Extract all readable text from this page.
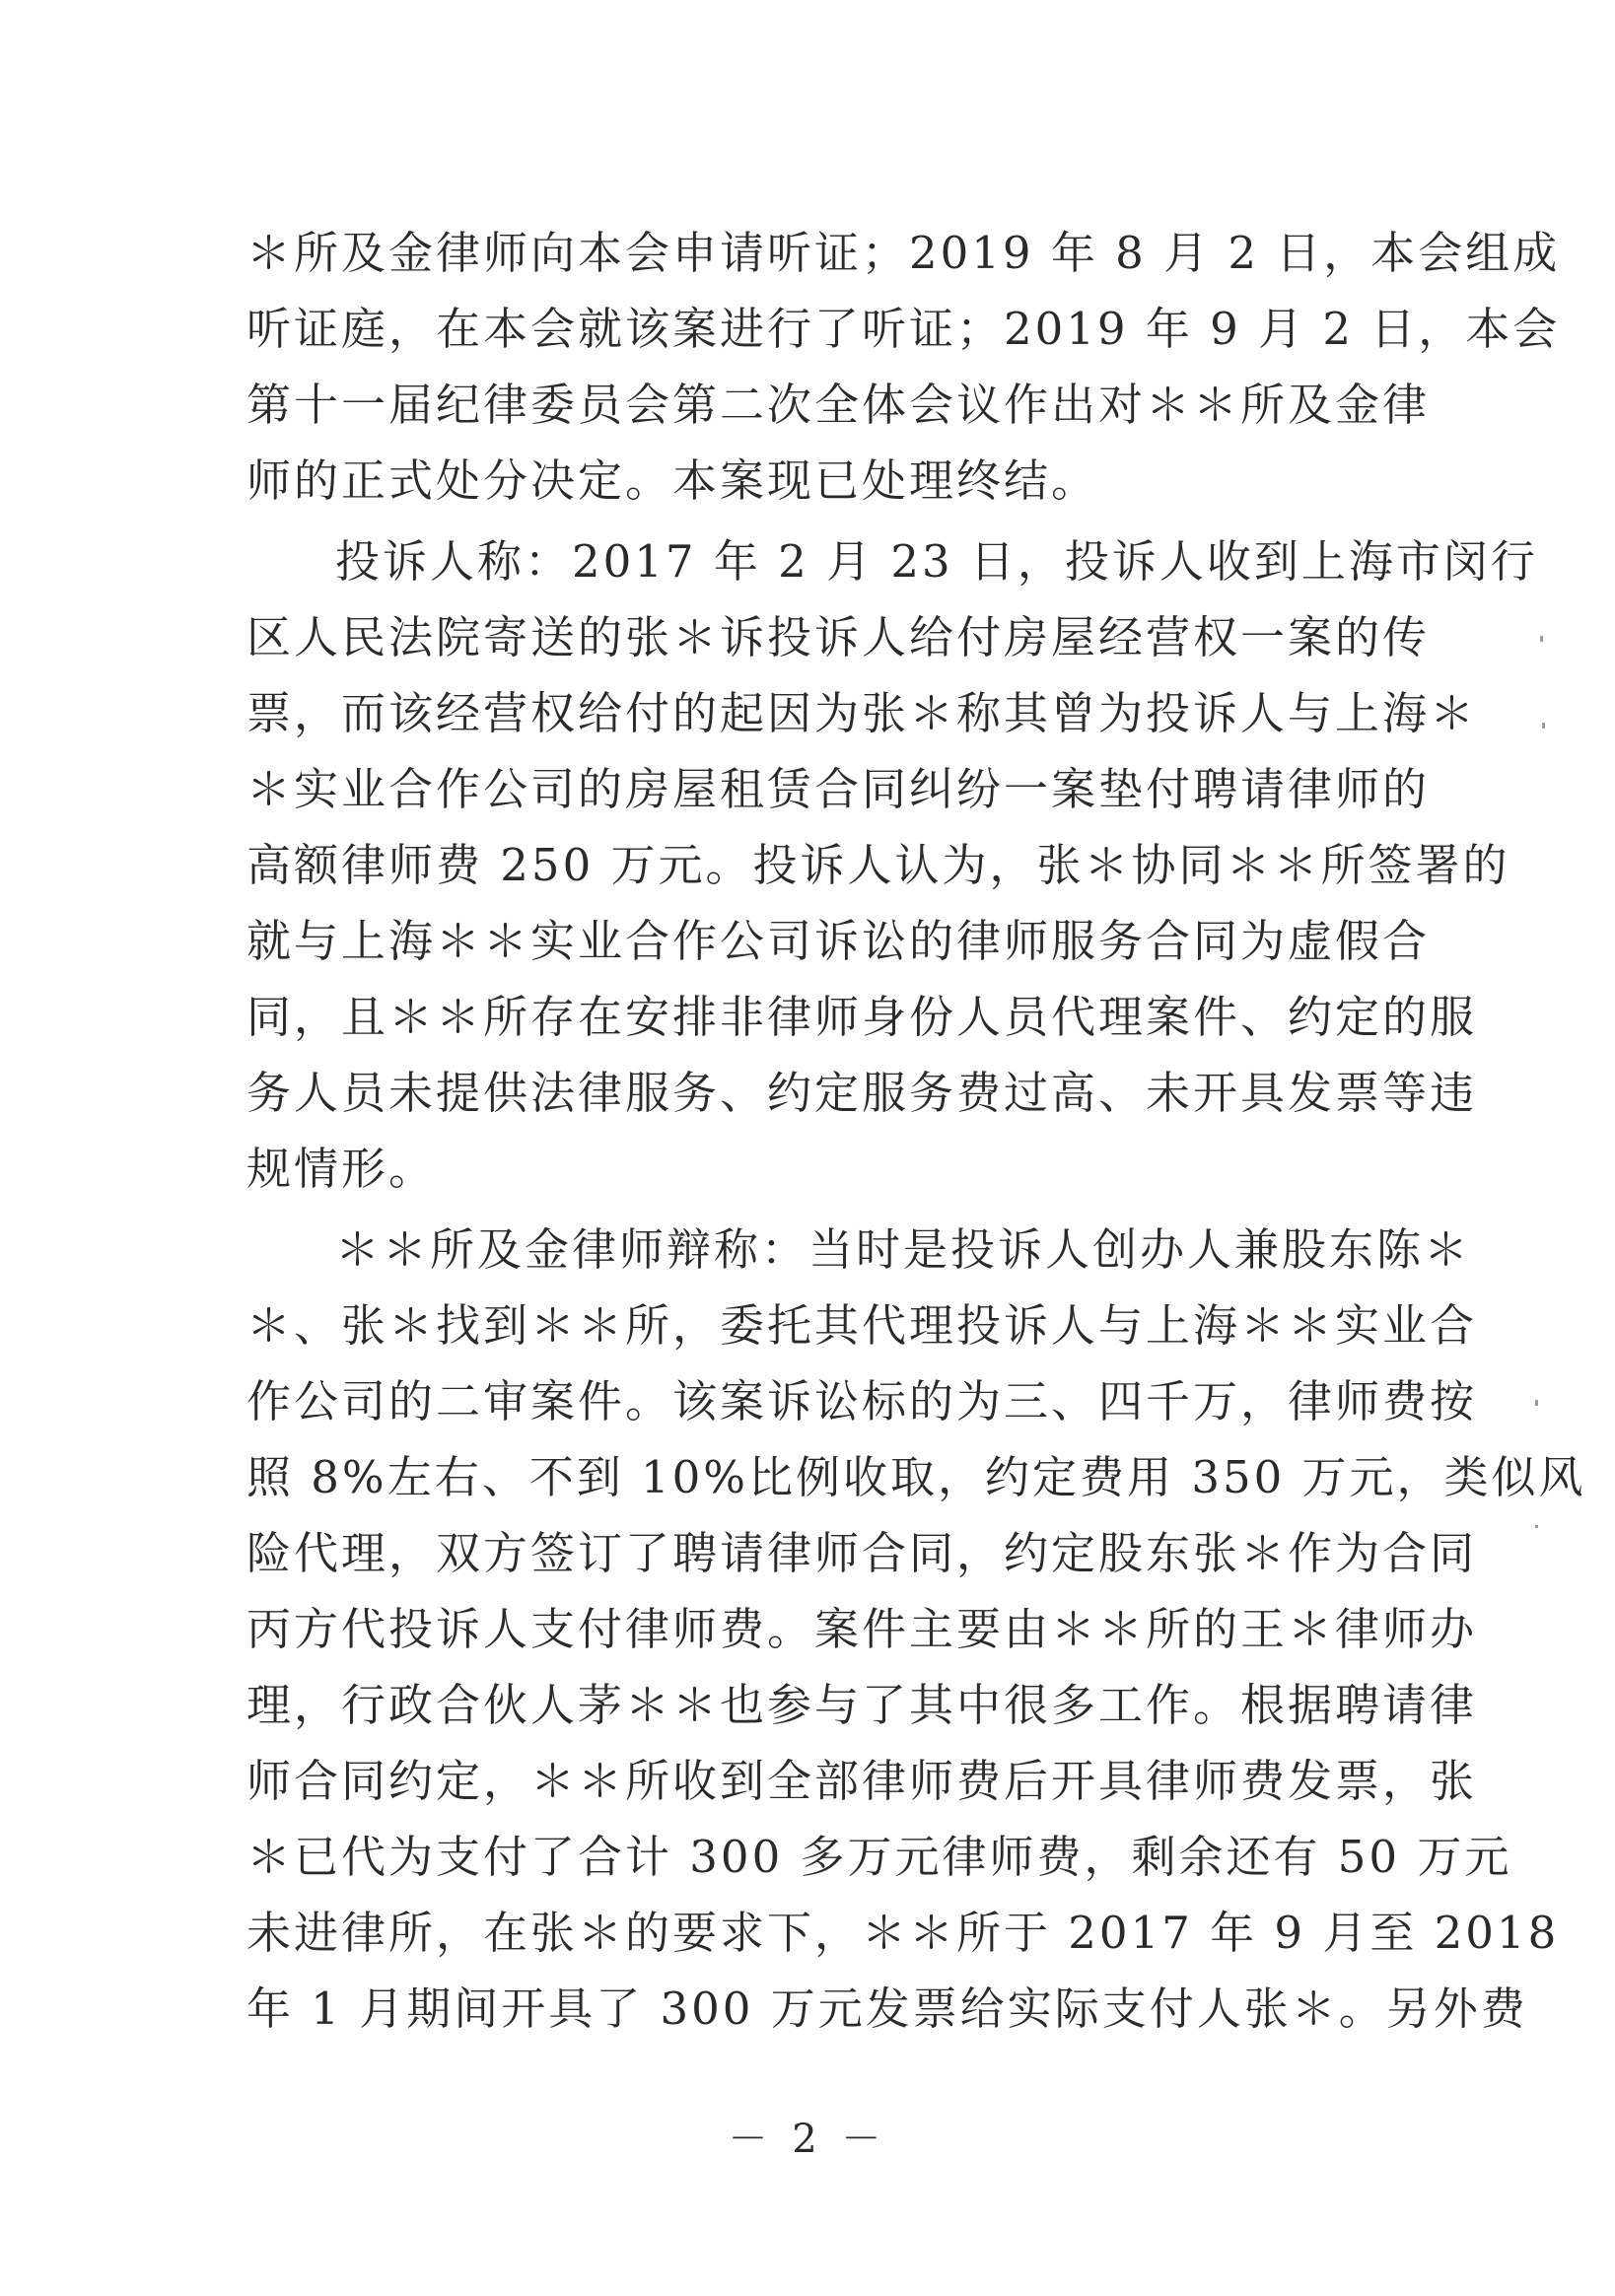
＊所及金律师向本会申请听证；2019 年 8 月 2 日，本会组成
听证庭，在本会就该案进行了听证；2019 年 9 月 2 日，本会
第十一届纪律委员会第二次全体会议作出对＊＊所及金律
师的正式处分决定。本案现已处理终结。
投诉人称：2017 年 2 月 23 日，投诉人收到上海市闵行
区人民法院寄送的张＊诉投诉人给付房屋经营权一案的传
票，而该经营权给付的起因为张＊称其曾为投诉人与上海＊
＊实业合作公司的房屋租赁合同纠纷一案垫付聘请律师的
高额律师费 250 万元。投诉人认为，张＊协同＊＊所签署的
就与上海＊＊实业合作公司诉讼的律师服务合同为虚假合
同，且＊＊所存在安排非律师身份人员代理案件、约定的服
务人员未提供法律服务、约定服务费过高、未开具发票等违
规情形。
＊＊所及金律师辩称：当时是投诉人创办人兼股东陈＊
＊、张＊找到＊＊所，委托其代理投诉人与上海＊＊实业合
作公司的二审案件。该案诉讼标的为三、四千万，律师费按
照 8%左右、不到 10%比例收取，约定费用 350 万元，类似风
险代理，双方签订了聘请律师合同，约定股东张＊作为合同
丙方代投诉人支付律师费。案件主要由＊＊所的王＊律师办
理，行政合伙人茅＊＊也参与了其中很多工作。根据聘请律
师合同约定，＊＊所收到全部律师费后开具律师费发票，张
＊已代为支付了合计 300 多万元律师费，剩余还有 50 万元
未进律所，在张＊的要求下，＊＊所于 2017 年 9 月至 2018
年 1 月期间开具了 300 万元发票给实际支付人张＊。另外费
－ 2 －
